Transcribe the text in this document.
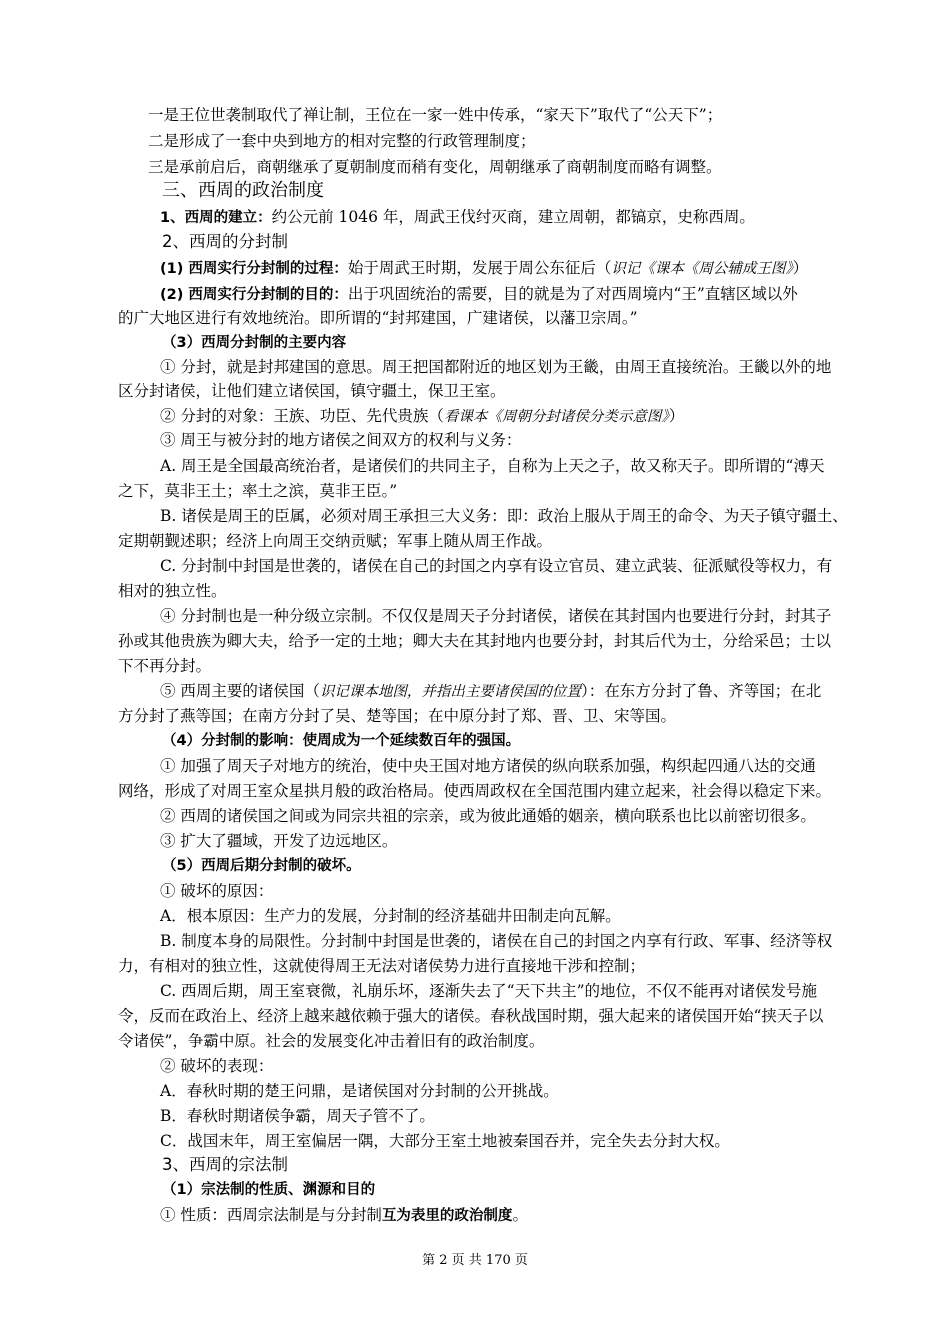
一是王位世袭制取代了禅让制，王位在一家一姓中传承，“家天下”取代了“公天下”；
二是形成了一套中央到地方的相对完整的行政管理制度；
三是承前启后，商朝继承了夏朝制度而稍有变化，周朝继承了商朝制度而略有调整。
三、西周的政治制度
1、西周的建立：约公元前 1046 年，周武王伐纣灭商，建立周朝，都镐京，史称西周。
2、西周的分封制
(1) 西周实行分封制的过程：始于周武王时期，发展于周公东征后（识记《课本《周公辅成王图》）
(2) 西周实行分封制的目的：出于巩固统治的需要，目的就是为了对西周境内“王”直辖区域以外
的广大地区进行有效地统治。即所谓的“封邦建国，广建诸侯，以藩卫宗周。”
（3）西周分封制的主要内容
① 分封，就是封邦建国的意思。周王把国都附近的地区划为王畿，由周王直接统治。王畿以外的地
区分封诸侯，让他们建立诸侯国，镇守疆土，保卫王室。
② 分封的对象：王族、功臣、先代贵族（看课本《周朝分封诸侯分类示意图》）
③ 周王与被分封的地方诸侯之间双方的权利与义务：
A. 周王是全国最高统治者，是诸侯们的共同主子，自称为上天之子，故又称天子。即所谓的“溥天
之下，莫非王土；率土之滨，莫非王臣。”
B. 诸侯是周王的臣属，必须对周王承担三大义务：即：政治上服从于周王的命令、为天子镇守疆土、
定期朝觐述职；经济上向周王交纳贡赋；军事上随从周王作战。
C. 分封制中封国是世袭的，诸侯在自己的封国之内享有设立官员、建立武装、征派赋役等权力，有
相对的独立性。
④ 分封制也是一种分级立宗制。不仅仅是周天子分封诸侯，诸侯在其封国内也要进行分封，封其子
孙或其他贵族为卿大夫，给予一定的土地；卿大夫在其封地内也要分封，封其后代为士，分给采邑；士以
下不再分封。
⑤ 西周主要的诸侯国（识记课本地图，并指出主要诸侯国的位置）：在东方分封了鲁、齐等国；在北
方分封了燕等国；在南方分封了吴、楚等国；在中原分封了郑、晋、卫、宋等国。
（4）分封制的影响：使周成为一个延续数百年的强国。
① 加强了周天子对地方的统治，使中央王国对地方诸侯的纵向联系加强，构织起四通八达的交通
网络，形成了对周王室众星拱月般的政治格局。使西周政权在全国范围内建立起来，社会得以稳定下来。
② 西周的诸侯国之间或为同宗共祖的宗亲，或为彼此通婚的姻亲，横向联系也比以前密切很多。
③ 扩大了疆域，开发了边远地区。
（5）西周后期分封制的破坏。
① 破坏的原因：
A．根本原因：生产力的发展，分封制的经济基础井田制走向瓦解。
B. 制度本身的局限性。分封制中封国是世袭的，诸侯在自己的封国之内享有行政、军事、经济等权
力，有相对的独立性，这就使得周王无法对诸侯势力进行直接地干涉和控制；
C. 西周后期，周王室衰微，礼崩乐坏，逐渐失去了“天下共主”的地位，不仅不能再对诸侯发号施
令，反而在政治上、经济上越来越依赖于强大的诸侯。春秋战国时期，强大起来的诸侯国开始“挟天子以
令诸侯”，争霸中原。社会的发展变化冲击着旧有的政治制度。
② 破坏的表现：
A．春秋时期的楚王问鼎，是诸侯国对分封制的公开挑战。
B．春秋时期诸侯争霸，周天子管不了。
C．战国末年，周王室偏居一隅，大部分王室土地被秦国吞并，完全失去分封大权。
3、西周的宗法制
（1）宗法制的性质、渊源和目的
① 性质：西周宗法制是与分封制互为表里的政治制度。
第 2 页 共 170 页
